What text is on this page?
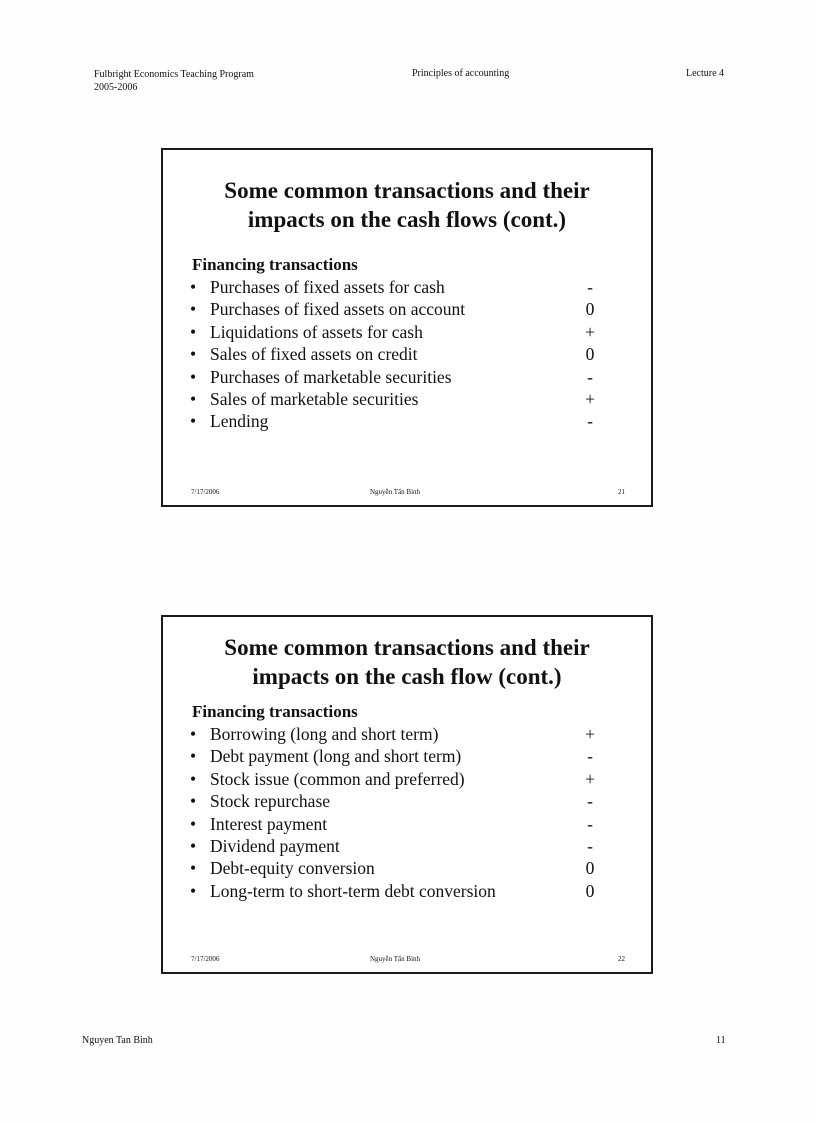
Fulbright Economics Teaching Program
2005-2006
Principles of accounting	Lecture 4
Some common transactions and their
impacts on the cash flows (cont.)
Financing transactions
• Purchases of fixed assets for cash	-
• Purchases of fixed assets on account	0
• Liquidations of assets for cash	+
• Sales of fixed assets on credit	0
• Purchases of marketable securities	-
• Sales of marketable securities	+
• Lending	-
7/17/2006	Nguyễn Tấn Bình	21
Some common transactions and their
impacts on the cash flow (cont.)
Financing transactions
• Borrowing (long and short term)	+
• Debt payment (long and short term)	-
• Stock issue (common and preferred)	+
• Stock repurchase	-
• Interest payment	-
• Dividend payment	-
• Debt-equity conversion	0
• Long-term to short-term debt conversion	0
7/17/2006	Nguyễn Tấn Bình	22
Nguyen Tan Binh	11
